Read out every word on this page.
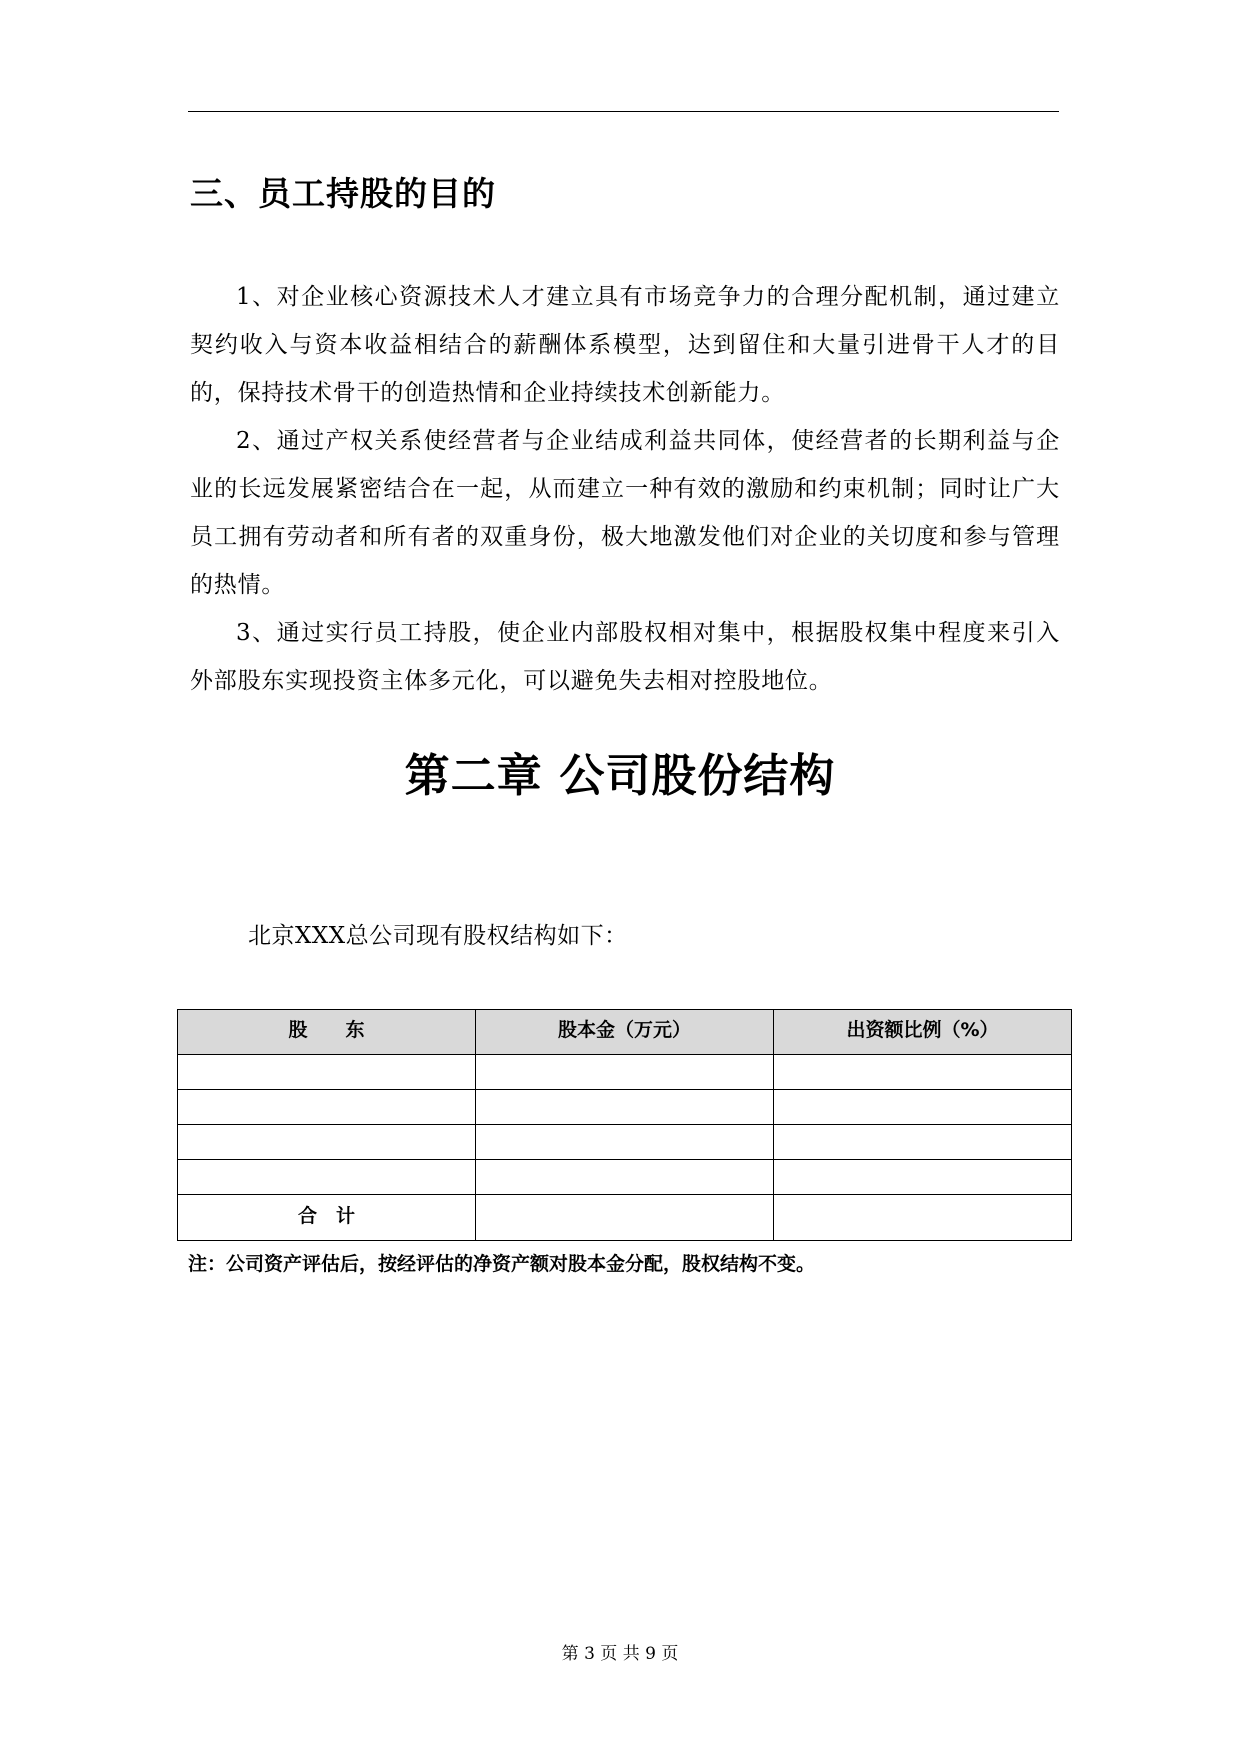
三、员工持股的目的

1、对企业核心资源技术人才建立具有市场竞争力的合理分配机制，通过建立契约收入与资本收益相结合的薪酬体系模型，达到留住和大量引进骨干人才的目的，保持技术骨干的创造热情和企业持续技术创新能力。

2、通过产权关系使经营者与企业结成利益共同体，使经营者的长期利益与企业的长远发展紧密结合在一起，从而建立一种有效的激励和约束机制；同时让广大员工拥有劳动者和所有者的双重身份，极大地激发他们对企业的关切度和参与管理的热情。

3、通过实行员工持股，使企业内部股权相对集中，根据股权集中程度来引入外部股东实现投资主体多元化，可以避免失去相对控股地位。

第二章 公司股份结构

北京XXX总公司现有股权结构如下：

股　　东	股本金（万元）	出资额比例（%）

合　计		

注：公司资产评估后，按经评估的净资产额对股本金分配，股权结构不变。

第 3 页 共 9 页
